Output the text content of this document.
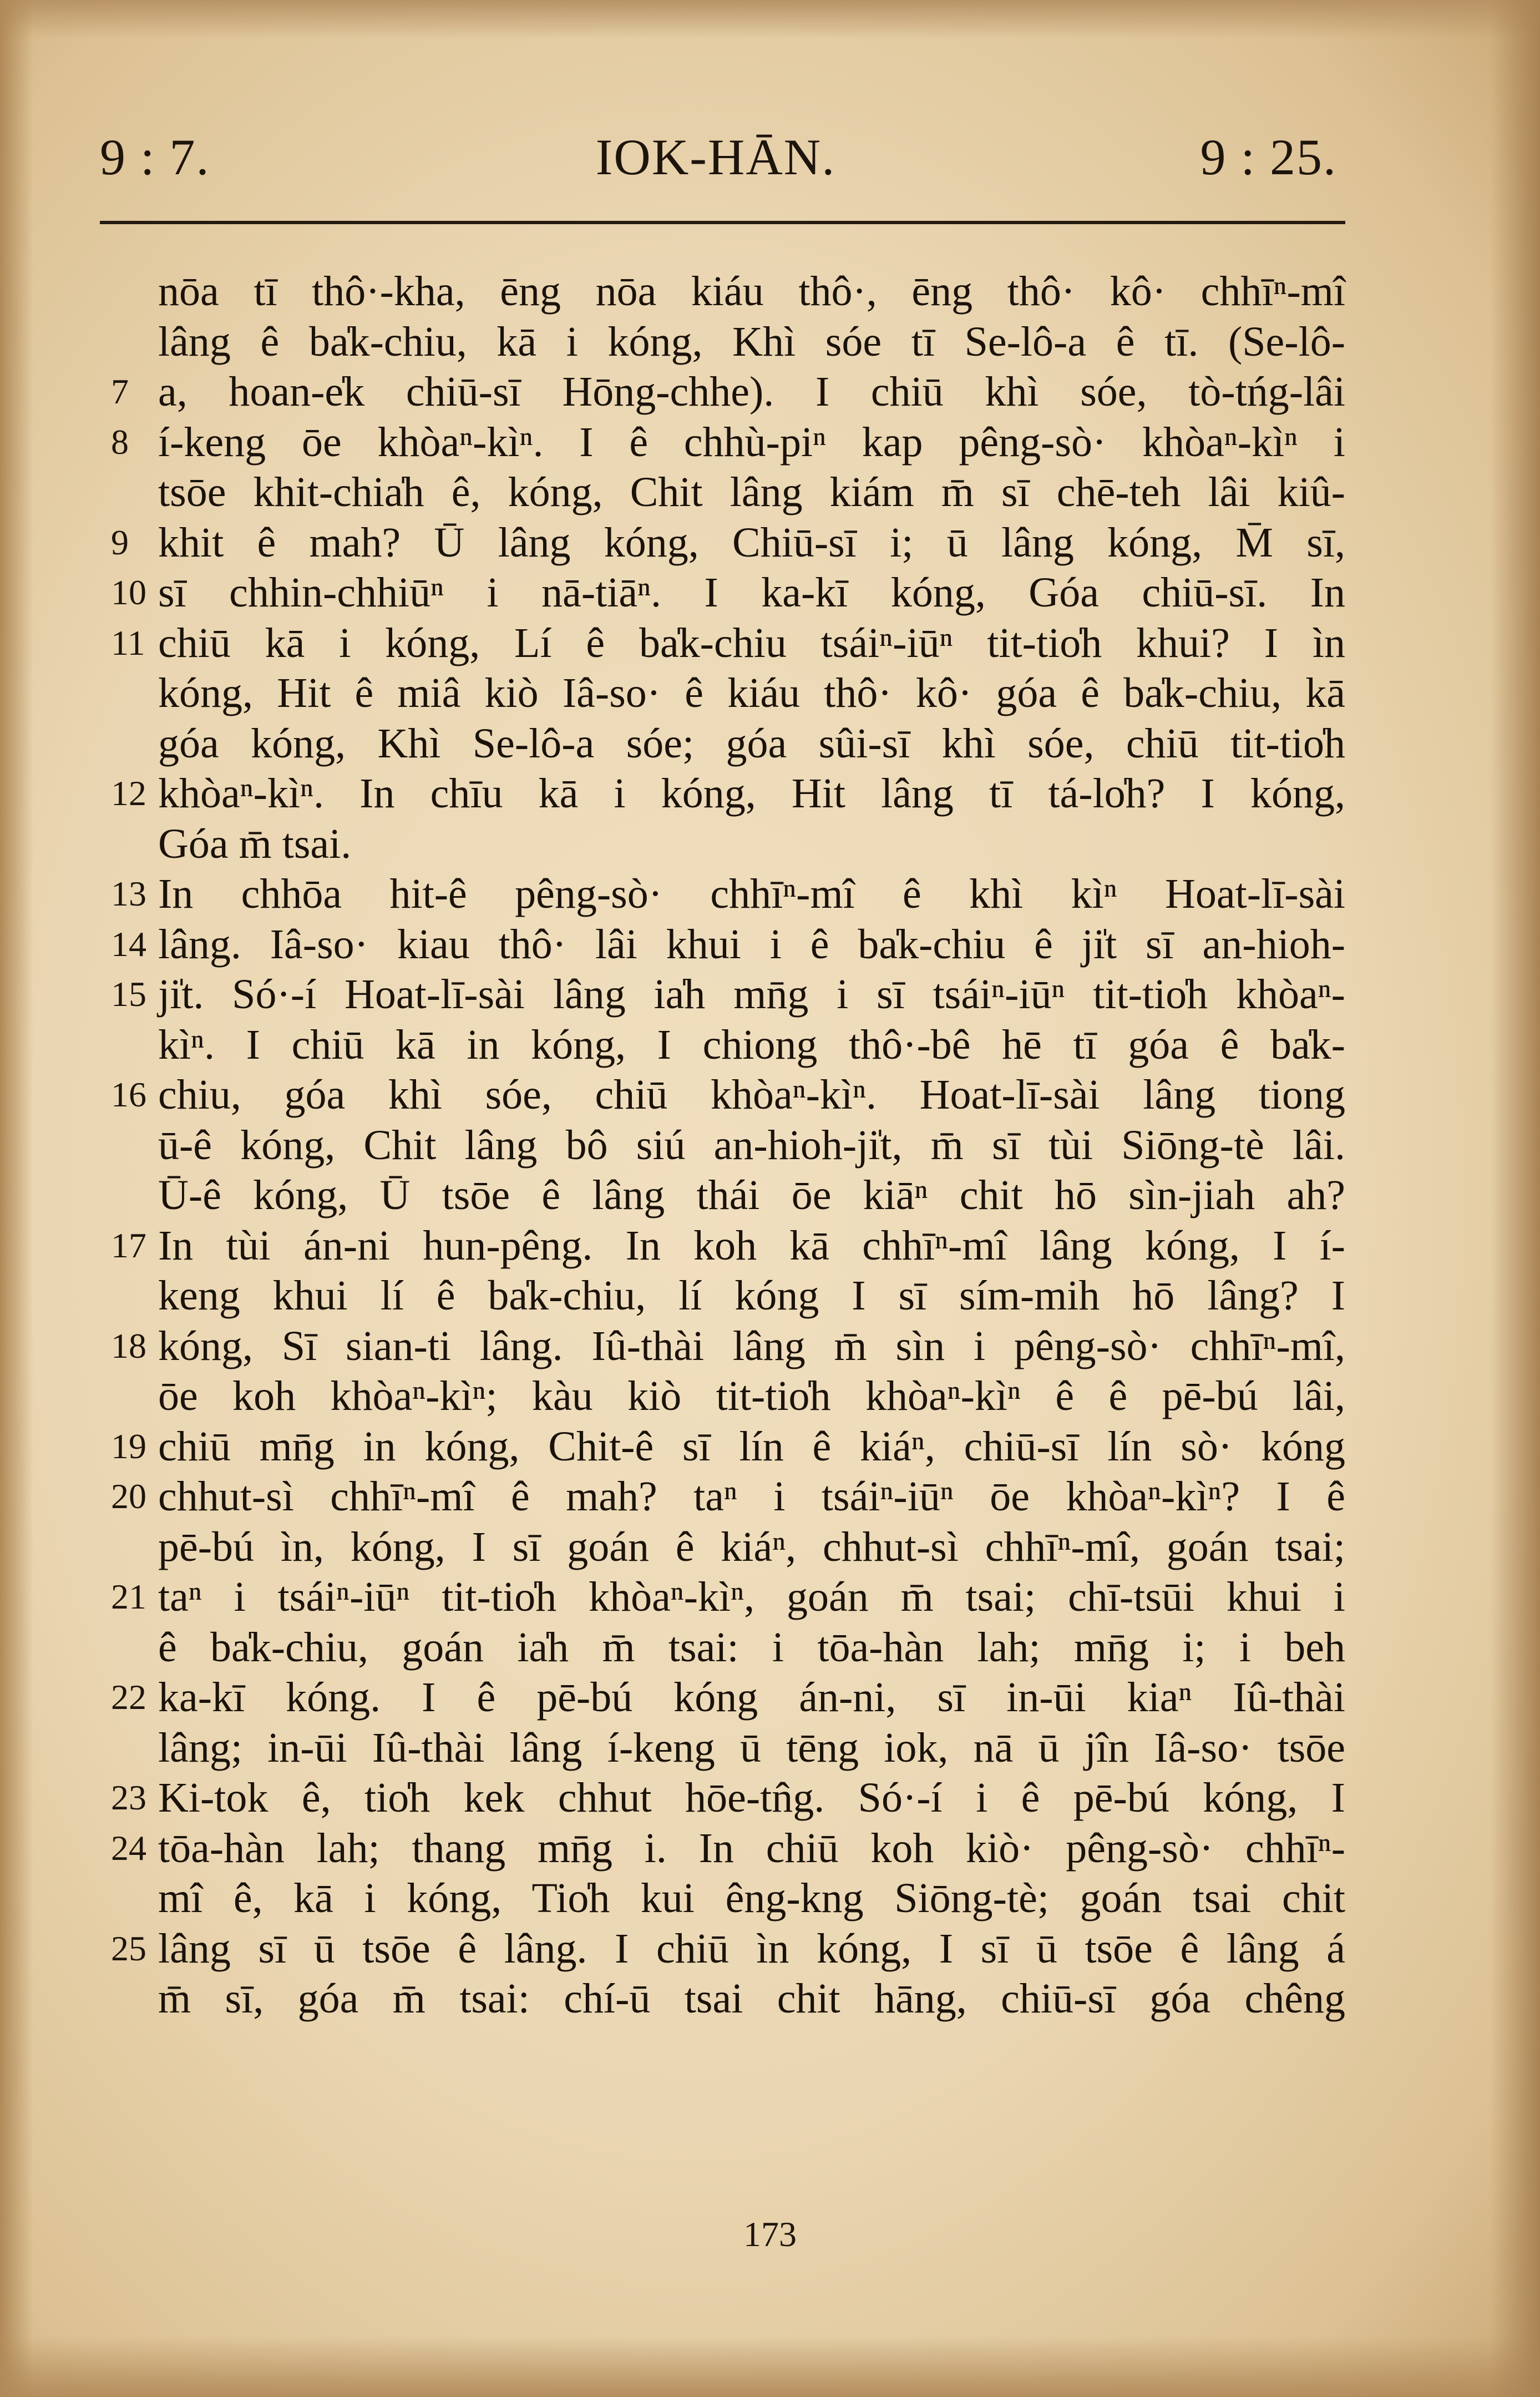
9 : 7.	IOK-HĀN.	9 : 25.
7
8
9
10
11
12
13
14
15
16
17
18
19
20
21
22
23
24
25
nōa tī thô·-kha, ēng nōa kiáu thô·, ēng thô· kô· chhīⁿ-mî
lâng ê ba̍k-chiu, kā i kóng, Khì sóe tī Se-lô-a ê tī. (Se-lô-
a, hoan-e̍k chiū-sī Hōng-chhe). I chiū khì sóe, tò-tńg-lâi
í-keng ōe khòaⁿ-kìⁿ. I ê chhù-piⁿ kap pêng-sò· khòaⁿ-kìⁿ i
tsōe khit-chia̍h ê, kóng, Chit lâng kiám m̄ sī chē-teh lâi kiû-
khit ê mah? Ū lâng kóng, Chiū-sī i; ū lâng kóng, M̄ sī,
sī chhin-chhiūⁿ i nā-tiāⁿ. I ka-kī kóng, Góa chiū-sī. In
chiū kā i kóng, Lí ê ba̍k-chiu tsáiⁿ-iūⁿ tit-tio̍h khui? I ìn
kóng, Hit ê miâ kiò Iâ-so· ê kiáu thô· kô· góa ê ba̍k-chiu, kā
góa kóng, Khì Se-lô-a sóe; góa sûi-sī khì sóe, chiū tit-tio̍h
khòaⁿ-kìⁿ. In chīu kā i kóng, Hit lâng tī tá-lo̍h? I kóng,
Góa m̄ tsai.
In chhōa hit-ê pêng-sò· chhīⁿ-mî ê khì kìⁿ Hoat-lī-sài
lâng. Iâ-so· kiau thô· lâi khui i ê ba̍k-chiu ê ji̍t sī an-hioh-
ji̍t. Só·-í Hoat-lī-sài lâng ia̍h mn̄g i sī tsáiⁿ-iūⁿ tit-tio̍h khòaⁿ-
kìⁿ. I chiū kā in kóng, I chiong thô·-bê hē tī góa ê ba̍k-
chiu, góa khì sóe, chiū khòaⁿ-kìⁿ. Hoat-lī-sài lâng tiong
ū-ê kóng, Chit lâng bô siú an-hioh-ji̍t, m̄ sī tùi Siōng-tè lâi.
Ū-ê kóng, Ū tsōe ê lâng thái ōe kiāⁿ chit hō sìn-jiah ah?
In tùi án-ni hun-pêng. In koh kā chhīⁿ-mî lâng kóng, I í-
keng khui lí ê ba̍k-chiu, lí kóng I sī sím-mih hō lâng? I
kóng, Sī sian-ti lâng. Iû-thài lâng m̄ sìn i pêng-sò· chhīⁿ-mî,
ōe koh khòaⁿ-kìⁿ; kàu kiò tit-tio̍h khòaⁿ-kìⁿ ê ê pē-bú lâi,
chiū mn̄g in kóng, Chit-ê sī lín ê kiáⁿ, chiū-sī lín sò· kóng
chhut-sì chhīⁿ-mî ê mah? taⁿ i tsáiⁿ-iūⁿ ōe khòaⁿ-kìⁿ? I ê
pē-bú ìn, kóng, I sī goán ê kiáⁿ, chhut-sì chhīⁿ-mî, goán tsai;
taⁿ i tsáiⁿ-iūⁿ tit-tio̍h khòaⁿ-kìⁿ, goán m̄ tsai; chī-tsūi khui i
ê ba̍k-chiu, goán ia̍h m̄ tsai: i tōa-hàn lah; mn̄g i; i beh
ka-kī kóng. I ê pē-bú kóng án-ni, sī in-ūi kiaⁿ Iû-thài
lâng; in-ūi Iû-thài lâng í-keng ū tēng iok, nā ū jîn Iâ-so· tsōe
Ki-tok ê, tio̍h kek chhut hōe-tn̂g. Só·-í i ê pē-bú kóng, I
tōa-hàn lah; thang mn̄g i. In chiū koh kiò· pêng-sò· chhīⁿ-
mî ê, kā i kóng, Tio̍h kui êng-kng Siōng-tè; goán tsai chit
lâng sī ū tsōe ê lâng. I chiū ìn kóng, I sī ū tsōe ê lâng á
m̄ sī, góa m̄ tsai: chí-ū tsai chit hāng, chiū-sī góa chêng
173
